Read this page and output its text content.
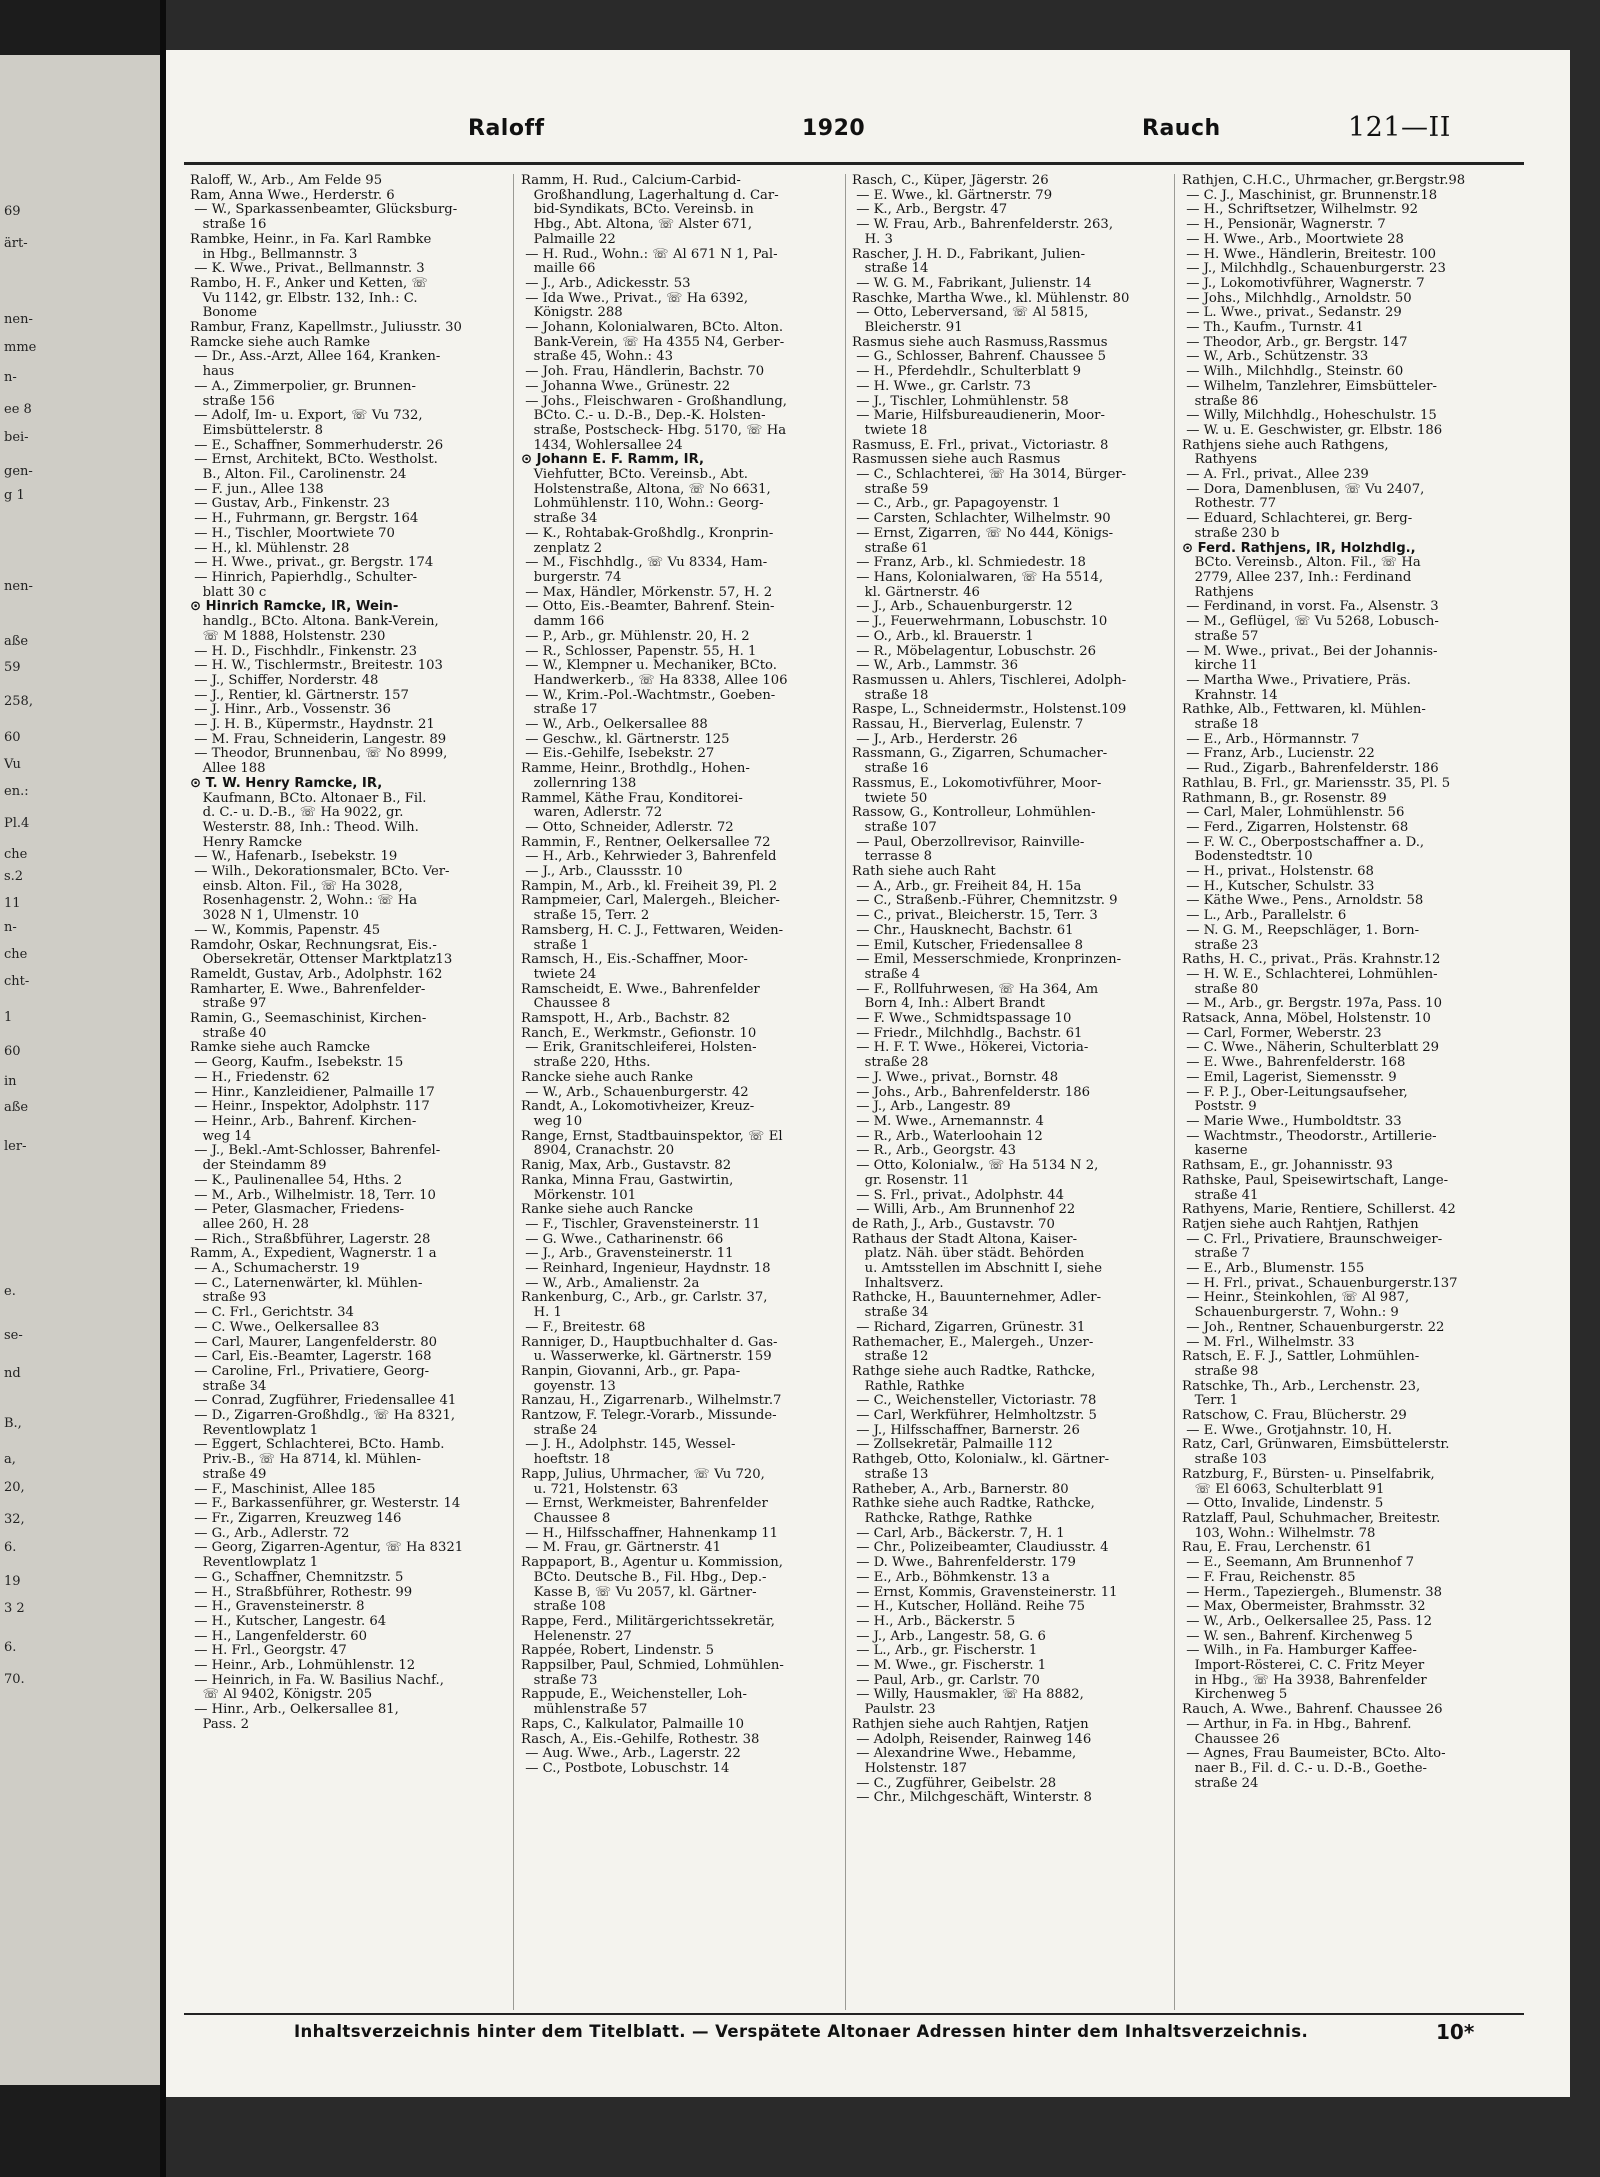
69
ärt-
nen-
mme
n-
ee 8
bei-
gen-
g 1
nen-
aße
59
258,
60
Vu
en.:
Pl.4
che
s.2
11
n-
che
cht-
1
60
in
aße
ler-
e.
se-
nd
B.,
a,
20,
32,
6.
19
3 2
6.
70.
Raloff	1920	Rauch	121—II
Raloff, W., Arb., Am Felde 95
Ram, Anna Wwe., Herderstr. 6
— W., Sparkassenbeamter, Glücksburg-
straße 16
Rambke, Heinr., in Fa. Karl Rambke
in Hbg., Bellmannstr. 3
— K. Wwe., Privat., Bellmannstr. 3
Rambo, H. F., Anker und Ketten, ☏
Vu 1142, gr. Elbstr. 132, Inh.: C.
Bonome
Rambur, Franz, Kapellmstr., Juliusstr. 30
Ramcke siehe auch Ramke
— Dr., Ass.-Arzt, Allee 164, Kranken-
haus
— A., Zimmerpolier, gr. Brunnen-
straße 156
— Adolf, Im- u. Export, ☏ Vu 732,
Eimsbüttelerstr. 8
— E., Schaffner, Sommerhuderstr. 26
— Ernst, Architekt, BCto. Westholst.
B., Alton. Fil., Carolinenstr. 24
— F. jun., Allee 138
— Gustav, Arb., Finkenstr. 23
— H., Fuhrmann, gr. Bergstr. 164
— H., Tischler, Moortwiete 70
— H., kl. Mühlenstr. 28
— H. Wwe., privat., gr. Bergstr. 174
— Hinrich, Papierhdlg., Schulter-
blatt 30 c
⊙ Hinrich Ramcke, IR, Wein-
handlg., BCto. Altona. Bank-Verein,
☏ M 1888, Holstenstr. 230
— H. D., Fischhdlr., Finkenstr. 23
— H. W., Tischlermstr., Breitestr. 103
— J., Schiffer, Norderstr. 48
— J., Rentier, kl. Gärtnerstr. 157
— J. Hinr., Arb., Vossenstr. 36
— J. H. B., Küpermstr., Haydnstr. 21
— M. Frau, Schneiderin, Langestr. 89
— Theodor, Brunnenbau, ☏ No 8999,
Allee 188
⊙ T. W. Henry Ramcke, IR,
Kaufmann, BCto. Altonaer B., Fil.
d. C.- u. D.-B., ☏ Ha 9022, gr.
Westerstr. 88, Inh.: Theod. Wilh.
Henry Ramcke
— W., Hafenarb., Isebekstr. 19
— Wilh., Dekorationsmaler, BCto. Ver-
einsb. Alton. Fil., ☏ Ha 3028,
Rosenhagenstr. 2, Wohn.: ☏ Ha
3028 N 1, Ulmenstr. 10
— W., Kommis, Papenstr. 45
Ramdohr, Oskar, Rechnungsrat, Eis.-
Obersekretär, Ottenser Marktplatz13
Rameldt, Gustav, Arb., Adolphstr. 162
Ramharter, E. Wwe., Bahrenfelder-
straße 97
Ramin, G., Seemaschinist, Kirchen-
straße 40
Ramke siehe auch Ramcke
— Georg, Kaufm., Isebekstr. 15
— H., Friedenstr. 62
— Hinr., Kanzleidiener, Palmaille 17
— Heinr., Inspektor, Adolphstr. 117
— Heinr., Arb., Bahrenf. Kirchen-
weg 14
— J., Bekl.-Amt-Schlosser, Bahrenfel-
der Steindamm 89
— K., Paulinenallee 54, Hths. 2
— M., Arb., Wilhelmistr. 18, Terr. 10
— Peter, Glasmacher, Friedens-
allee 260, H. 28
— Rich., Straßbführer, Lagerstr. 28
Ramm, A., Expedient, Wagnerstr. 1 a
— A., Schumacherstr. 19
— C., Laternenwärter, kl. Mühlen-
straße 93
— C. Frl., Gerichtstr. 34
— C. Wwe., Oelkersallee 83
— Carl, Maurer, Langenfelderstr. 80
— Carl, Eis.-Beamter, Lagerstr. 168
— Caroline, Frl., Privatiere, Georg-
straße 34
— Conrad, Zugführer, Friedensallee 41
— D., Zigarren-Großhdlg., ☏ Ha 8321,
Reventlowplatz 1
— Eggert, Schlachterei, BCto. Hamb.
Priv.-B., ☏ Ha 8714, kl. Mühlen-
straße 49
— F., Maschinist, Allee 185
— F., Barkassenführer, gr. Westerstr. 14
— Fr., Zigarren, Kreuzweg 146
— G., Arb., Adlerstr. 72
— Georg, Zigarren-Agentur, ☏ Ha 8321
Reventlowplatz 1
— G., Schaffner, Chemnitzstr. 5
— H., Straßbführer, Rothestr. 99
— H., Gravensteinerstr. 8
— H., Kutscher, Langestr. 64
— H., Langenfelderstr. 60
— H. Frl., Georgstr. 47
— Heinr., Arb., Lohmühlenstr. 12
— Heinrich, in Fa. W. Basilius Nachf.,
☏ Al 9402, Königstr. 205
— Hinr., Arb., Oelkersallee 81,
Pass. 2
Ramm, H. Rud., Calcium-Carbid-
Großhandlung, Lagerhaltung d. Car-
bid-Syndikats, BCto. Vereinsb. in
Hbg., Abt. Altona, ☏ Alster 671,
Palmaille 22
— H. Rud., Wohn.: ☏ Al 671 N 1, Pal-
maille 66
— J., Arb., Adickesstr. 53
— Ida Wwe., Privat., ☏ Ha 6392,
Königstr. 288
— Johann, Kolonialwaren, BCto. Alton.
Bank-Verein, ☏ Ha 4355 N4, Gerber-
straße 45, Wohn.: 43
— Joh. Frau, Händlerin, Bachstr. 70
— Johanna Wwe., Grünestr. 22
— Johs., Fleischwaren - Großhandlung,
BCto. C.- u. D.-B., Dep.-K. Holsten-
straße, Postscheck- Hbg. 5170, ☏ Ha
1434, Wohlersallee 24
⊙ Johann E. F. Ramm, IR,
Viehfutter, BCto. Vereinsb., Abt.
Holstenstraße, Altona, ☏ No 6631,
Lohmühlenstr. 110, Wohn.: Georg-
straße 34
— K., Rohtabak-Großhdlg., Kronprin-
zenplatz 2
— M., Fischhdlg., ☏ Vu 8334, Ham-
burgerstr. 74
— Max, Händler, Mörkenstr. 57, H. 2
— Otto, Eis.-Beamter, Bahrenf. Stein-
damm 166
— P., Arb., gr. Mühlenstr. 20, H. 2
— R., Schlosser, Papenstr. 55, H. 1
— W., Klempner u. Mechaniker, BCto.
Handwerkerb., ☏ Ha 8338, Allee 106
— W., Krim.-Pol.-Wachtmstr., Goeben-
straße 17
— W., Arb., Oelkersallee 88
— Geschw., kl. Gärtnerstr. 125
— Eis.-Gehilfe, Isebekstr. 27
Ramme, Heinr., Brothdlg., Hohen-
zollernring 138
Rammel, Käthe Frau, Konditorei-
waren, Adlerstr. 72
— Otto, Schneider, Adlerstr. 72
Rammin, F., Rentner, Oelkersallee 72
— H., Arb., Kehrwieder 3, Bahrenfeld
— J., Arb., Claussstr. 10
Rampin, M., Arb., kl. Freiheit 39, Pl. 2
Rampmeier, Carl, Malergeh., Bleicher-
straße 15, Terr. 2
Ramsberg, H. C. J., Fettwaren, Weiden-
straße 1
Ramsch, H., Eis.-Schaffner, Moor-
twiete 24
Ramscheidt, E. Wwe., Bahrenfelder
Chaussee 8
Ramspott, H., Arb., Bachstr. 82
Ranch, E., Werkmstr., Gefionstr. 10
— Erik, Granitschleiferei, Holsten-
straße 220, Hths.
Rancke siehe auch Ranke
— W., Arb., Schauenburgerstr. 42
Randt, A., Lokomotivheizer, Kreuz-
weg 10
Range, Ernst, Stadtbauinspektor, ☏ El
8904, Cranachstr. 20
Ranig, Max, Arb., Gustavstr. 82
Ranka, Minna Frau, Gastwirtin,
Mörkenstr. 101
Ranke siehe auch Rancke
— F., Tischler, Gravensteinerstr. 11
— G. Wwe., Catharinenstr. 66
— J., Arb., Gravensteinerstr. 11
— Reinhard, Ingenieur, Haydnstr. 18
— W., Arb., Amalienstr. 2a
Rankenburg, C., Arb., gr. Carlstr. 37,
H. 1
— F., Breitestr. 68
Ranniger, D., Hauptbuchhalter d. Gas-
u. Wasserwerke, kl. Gärtnerstr. 159
Ranpin, Giovanni, Arb., gr. Papa-
goyenstr. 13
Ranzau, H., Zigarrenarb., Wilhelmstr.7
Rantzow, F. Telegr.-Vorarb., Missunde-
straße 24
— J. H., Adolphstr. 145, Wessel-
hoeftstr. 18
Rapp, Julius, Uhrmacher, ☏ Vu 720,
u. 721, Holstenstr. 63
— Ernst, Werkmeister, Bahrenfelder
Chaussee 8
— H., Hilfsschaffner, Hahnenkamp 11
— M. Frau, gr. Gärtnerstr. 41
Rappaport, B., Agentur u. Kommission,
BCto. Deutsche B., Fil. Hbg., Dep.-
Kasse B, ☏ Vu 2057, kl. Gärtner-
straße 108
Rappe, Ferd., Militärgerichtssekretär,
Helenenstr. 27
Rappée, Robert, Lindenstr. 5
Rappsilber, Paul, Schmied, Lohmühlen-
straße 73
Rappude, E., Weichensteller, Loh-
mühlenstraße 57
Raps, C., Kalkulator, Palmaille 10
Rasch, A., Eis.-Gehilfe, Rothestr. 38
— Aug. Wwe., Arb., Lagerstr. 22
— C., Postbote, Lobuschstr. 14
Rasch, C., Küper, Jägerstr. 26
— E. Wwe., kl. Gärtnerstr. 79
— K., Arb., Bergstr. 47
— W. Frau, Arb., Bahrenfelderstr. 263,
H. 3
Rascher, J. H. D., Fabrikant, Julien-
straße 14
— W. G. M., Fabrikant, Julienstr. 14
Raschke, Martha Wwe., kl. Mühlenstr. 80
— Otto, Leberversand, ☏ Al 5815,
Bleicherstr. 91
Rasmus siehe auch Rasmuss,Rassmus
— G., Schlosser, Bahrenf. Chaussee 5
— H., Pferdehdlr., Schulterblatt 9
— H. Wwe., gr. Carlstr. 73
— J., Tischler, Lohmühlenstr. 58
— Marie, Hilfsbureaudienerin, Moor-
twiete 18
Rasmuss, E. Frl., privat., Victoriastr. 8
Rasmussen siehe auch Rasmus
— C., Schlachterei, ☏ Ha 3014, Bürger-
straße 59
— C., Arb., gr. Papagoyenstr. 1
— Carsten, Schlachter, Wilhelmstr. 90
— Ernst, Zigarren, ☏ No 444, Königs-
straße 61
— Franz, Arb., kl. Schmiedestr. 18
— Hans, Kolonialwaren, ☏ Ha 5514,
kl. Gärtnerstr. 46
— J., Arb., Schauenburgerstr. 12
— J., Feuerwehrmann, Lobuschstr. 10
— O., Arb., kl. Brauerstr. 1
— R., Möbelagentur, Lobuschstr. 26
— W., Arb., Lammstr. 36
Rasmussen u. Ahlers, Tischlerei, Adolph-
straße 18
Raspe, L., Schneidermstr., Holstenst.109
Rassau, H., Bierverlag, Eulenstr. 7
— J., Arb., Herderstr. 26
Rassmann, G., Zigarren, Schumacher-
straße 16
Rassmus, E., Lokomotivführer, Moor-
twiete 50
Rassow, G., Kontrolleur, Lohmühlen-
straße 107
— Paul, Oberzollrevisor, Rainville-
terrasse 8
Rath siehe auch Raht
— A., Arb., gr. Freiheit 84, H. 15a
— C., Straßenb.-Führer, Chemnitzstr. 9
— C., privat., Bleicherstr. 15, Terr. 3
— Chr., Hausknecht, Bachstr. 61
— Emil, Kutscher, Friedensallee 8
— Emil, Messerschmiede, Kronprinzen-
straße 4
— F., Rollfuhrwesen, ☏ Ha 364, Am
Born 4, Inh.: Albert Brandt
— F. Wwe., Schmidtspassage 10
— Friedr., Milchhdlg., Bachstr. 61
— H. F. T. Wwe., Hökerei, Victoria-
straße 28
— J. Wwe., privat., Bornstr. 48
— Johs., Arb., Bahrenfelderstr. 186
— J., Arb., Langestr. 89
— M. Wwe., Arnemannstr. 4
— R., Arb., Waterloohain 12
— R., Arb., Georgstr. 43
— Otto, Kolonialw., ☏ Ha 5134 N 2,
gr. Rosenstr. 11
— S. Frl., privat., Adolphstr. 44
— Willi, Arb., Am Brunnenhof 22
de Rath, J., Arb., Gustavstr. 70
Rathaus der Stadt Altona, Kaiser-
platz. Näh. über städt. Behörden
u. Amtsstellen im Abschnitt I, siehe
Inhaltsverz.
Rathcke, H., Bauunternehmer, Adler-
straße 34
— Richard, Zigarren, Grünestr. 31
Rathemacher, E., Malergeh., Unzer-
straße 12
Rathge siehe auch Radtke, Rathcke,
Rathle, Rathke
— C., Weichensteller, Victoriastr. 78
— Carl, Werkführer, Helmholtzstr. 5
— J., Hilfsschaffner, Barnerstr. 26
— Zollsekretär, Palmaille 112
Rathgeb, Otto, Kolonialw., kl. Gärtner-
straße 13
Ratheber, A., Arb., Barnerstr. 80
Rathke siehe auch Radtke, Rathcke,
Rathcke, Rathge, Rathke
— Carl, Arb., Bäckerstr. 7, H. 1
— Chr., Polizeibeamter, Claudiusstr. 4
— D. Wwe., Bahrenfelderstr. 179
— E., Arb., Böhmkenstr. 13 a
— Ernst, Kommis, Gravensteinerstr. 11
— H., Kutscher, Holländ. Reihe 75
— H., Arb., Bäckerstr. 5
— J., Arb., Langestr. 58, G. 6
— L., Arb., gr. Fischerstr. 1
— M. Wwe., gr. Fischerstr. 1
— Paul, Arb., gr. Carlstr. 70
— Willy, Hausmakler, ☏ Ha 8882,
Paulstr. 23
Rathjen siehe auch Rahtjen, Ratjen
— Adolph, Reisender, Rainweg 146
— Alexandrine Wwe., Hebamme,
Holstenstr. 187
— C., Zugführer, Geibelstr. 28
— Chr., Milchgeschäft, Winterstr. 8
Rathjen, C.H.C., Uhrmacher, gr.Bergstr.98
— C. J., Maschinist, gr. Brunnenstr.18
— H., Schriftsetzer, Wilhelmstr. 92
— H., Pensionär, Wagnerstr. 7
— H. Wwe., Arb., Moortwiete 28
— H. Wwe., Händlerin, Breitestr. 100
— J., Milchhdlg., Schauenburgerstr. 23
— J., Lokomotivführer, Wagnerstr. 7
— Johs., Milchhdlg., Arnoldstr. 50
— L. Wwe., privat., Sedanstr. 29
— Th., Kaufm., Turnstr. 41
— Theodor, Arb., gr. Bergstr. 147
— W., Arb., Schützenstr. 33
— Wilh., Milchhdlg., Steinstr. 60
— Wilhelm, Tanzlehrer, Eimsbütteler-
straße 86
— Willy, Milchhdlg., Hoheschulstr. 15
— W. u. E. Geschwister, gr. Elbstr. 186
Rathjens siehe auch Rathgens,
Rathyens
— A. Frl., privat., Allee 239
— Dora, Damenblusen, ☏ Vu 2407,
Rothestr. 77
— Eduard, Schlachterei, gr. Berg-
straße 230 b
⊙ Ferd. Rathjens, IR, Holzhdlg.,
BCto. Vereinsb., Alton. Fil., ☏ Ha
2779, Allee 237, Inh.: Ferdinand
Rathjens
— Ferdinand, in vorst. Fa., Alsenstr. 3
— M., Geflügel, ☏ Vu 5268, Lobusch-
straße 57
— M. Wwe., privat., Bei der Johannis-
kirche 11
— Martha Wwe., Privatiere, Präs.
Krahnstr. 14
Rathke, Alb., Fettwaren, kl. Mühlen-
straße 18
— E., Arb., Hörmannstr. 7
— Franz, Arb., Lucienstr. 22
— Rud., Zigarb., Bahrenfelderstr. 186
Rathlau, B. Frl., gr. Mariensstr. 35, Pl. 5
Rathmann, B., gr. Rosenstr. 89
— Carl, Maler, Lohmühlenstr. 56
— Ferd., Zigarren, Holstenstr. 68
— F. W. C., Oberpostschaffner a. D.,
Bodenstedtstr. 10
— H., privat., Holstenstr. 68
— H., Kutscher, Schulstr. 33
— Käthe Wwe., Pens., Arnoldstr. 58
— L., Arb., Parallelstr. 6
— N. G. M., Reepschläger, 1. Born-
straße 23
Raths, H. C., privat., Präs. Krahnstr.12
— H. W. E., Schlachterei, Lohmühlen-
straße 80
— M., Arb., gr. Bergstr. 197a, Pass. 10
Ratsack, Anna, Möbel, Holstenstr. 10
— Carl, Former, Weberstr. 23
— C. Wwe., Näherin, Schulterblatt 29
— E. Wwe., Bahrenfelderstr. 168
— Emil, Lagerist, Siemensstr. 9
— F. P. J., Ober-Leitungsaufseher,
Poststr. 9
— Marie Wwe., Humboldtstr. 33
— Wachtmstr., Theodorstr., Artillerie-
kaserne
Rathsam, E., gr. Johannisstr. 93
Rathske, Paul, Speisewirtschaft, Lange-
straße 41
Rathyens, Marie, Rentiere, Schillerst. 42
Ratjen siehe auch Rahtjen, Rathjen
— C. Frl., Privatiere, Braunschweiger-
straße 7
— E., Arb., Blumenstr. 155
— H. Frl., privat., Schauenburgerstr.137
— Heinr., Steinkohlen, ☏ Al 987,
Schauenburgerstr. 7, Wohn.: 9
— Joh., Rentner, Schauenburgerstr. 22
— M. Frl., Wilhelmstr. 33
Ratsch, E. F. J., Sattler, Lohmühlen-
straße 98
Ratschke, Th., Arb., Lerchenstr. 23,
Terr. 1
Ratschow, C. Frau, Blücherstr. 29
— E. Wwe., Grotjahnstr. 10, H.
Ratz, Carl, Grünwaren, Eimsbüttelerstr.
straße 103
Ratzburg, F., Bürsten- u. Pinselfabrik,
☏ El 6063, Schulterblatt 91
— Otto, Invalide, Lindenstr. 5
Ratzlaff, Paul, Schuhmacher, Breitestr.
103, Wohn.: Wilhelmstr. 78
Rau, E. Frau, Lerchenstr. 61
— E., Seemann, Am Brunnenhof 7
— F. Frau, Reichenstr. 85
— Herm., Tapeziergeh., Blumenstr. 38
— Max, Obermeister, Brahmsstr. 32
— W., Arb., Oelkersallee 25, Pass. 12
— W. sen., Bahrenf. Kirchenweg 5
— Wilh., in Fa. Hamburger Kaffee-
Import-Rösterei, C. C. Fritz Meyer
in Hbg., ☏ Ha 3938, Bahrenfelder
Kirchenweg 5
Rauch, A. Wwe., Bahrenf. Chaussee 26
— Arthur, in Fa. in Hbg., Bahrenf.
Chaussee 26
— Agnes, Frau Baumeister, BCto. Alto-
naer B., Fil. d. C.- u. D.-B., Goethe-
straße 24
Inhaltsverzeichnis hinter dem Titelblatt. — Verspätete Altonaer Adressen hinter dem Inhaltsverzeichnis.	10*
